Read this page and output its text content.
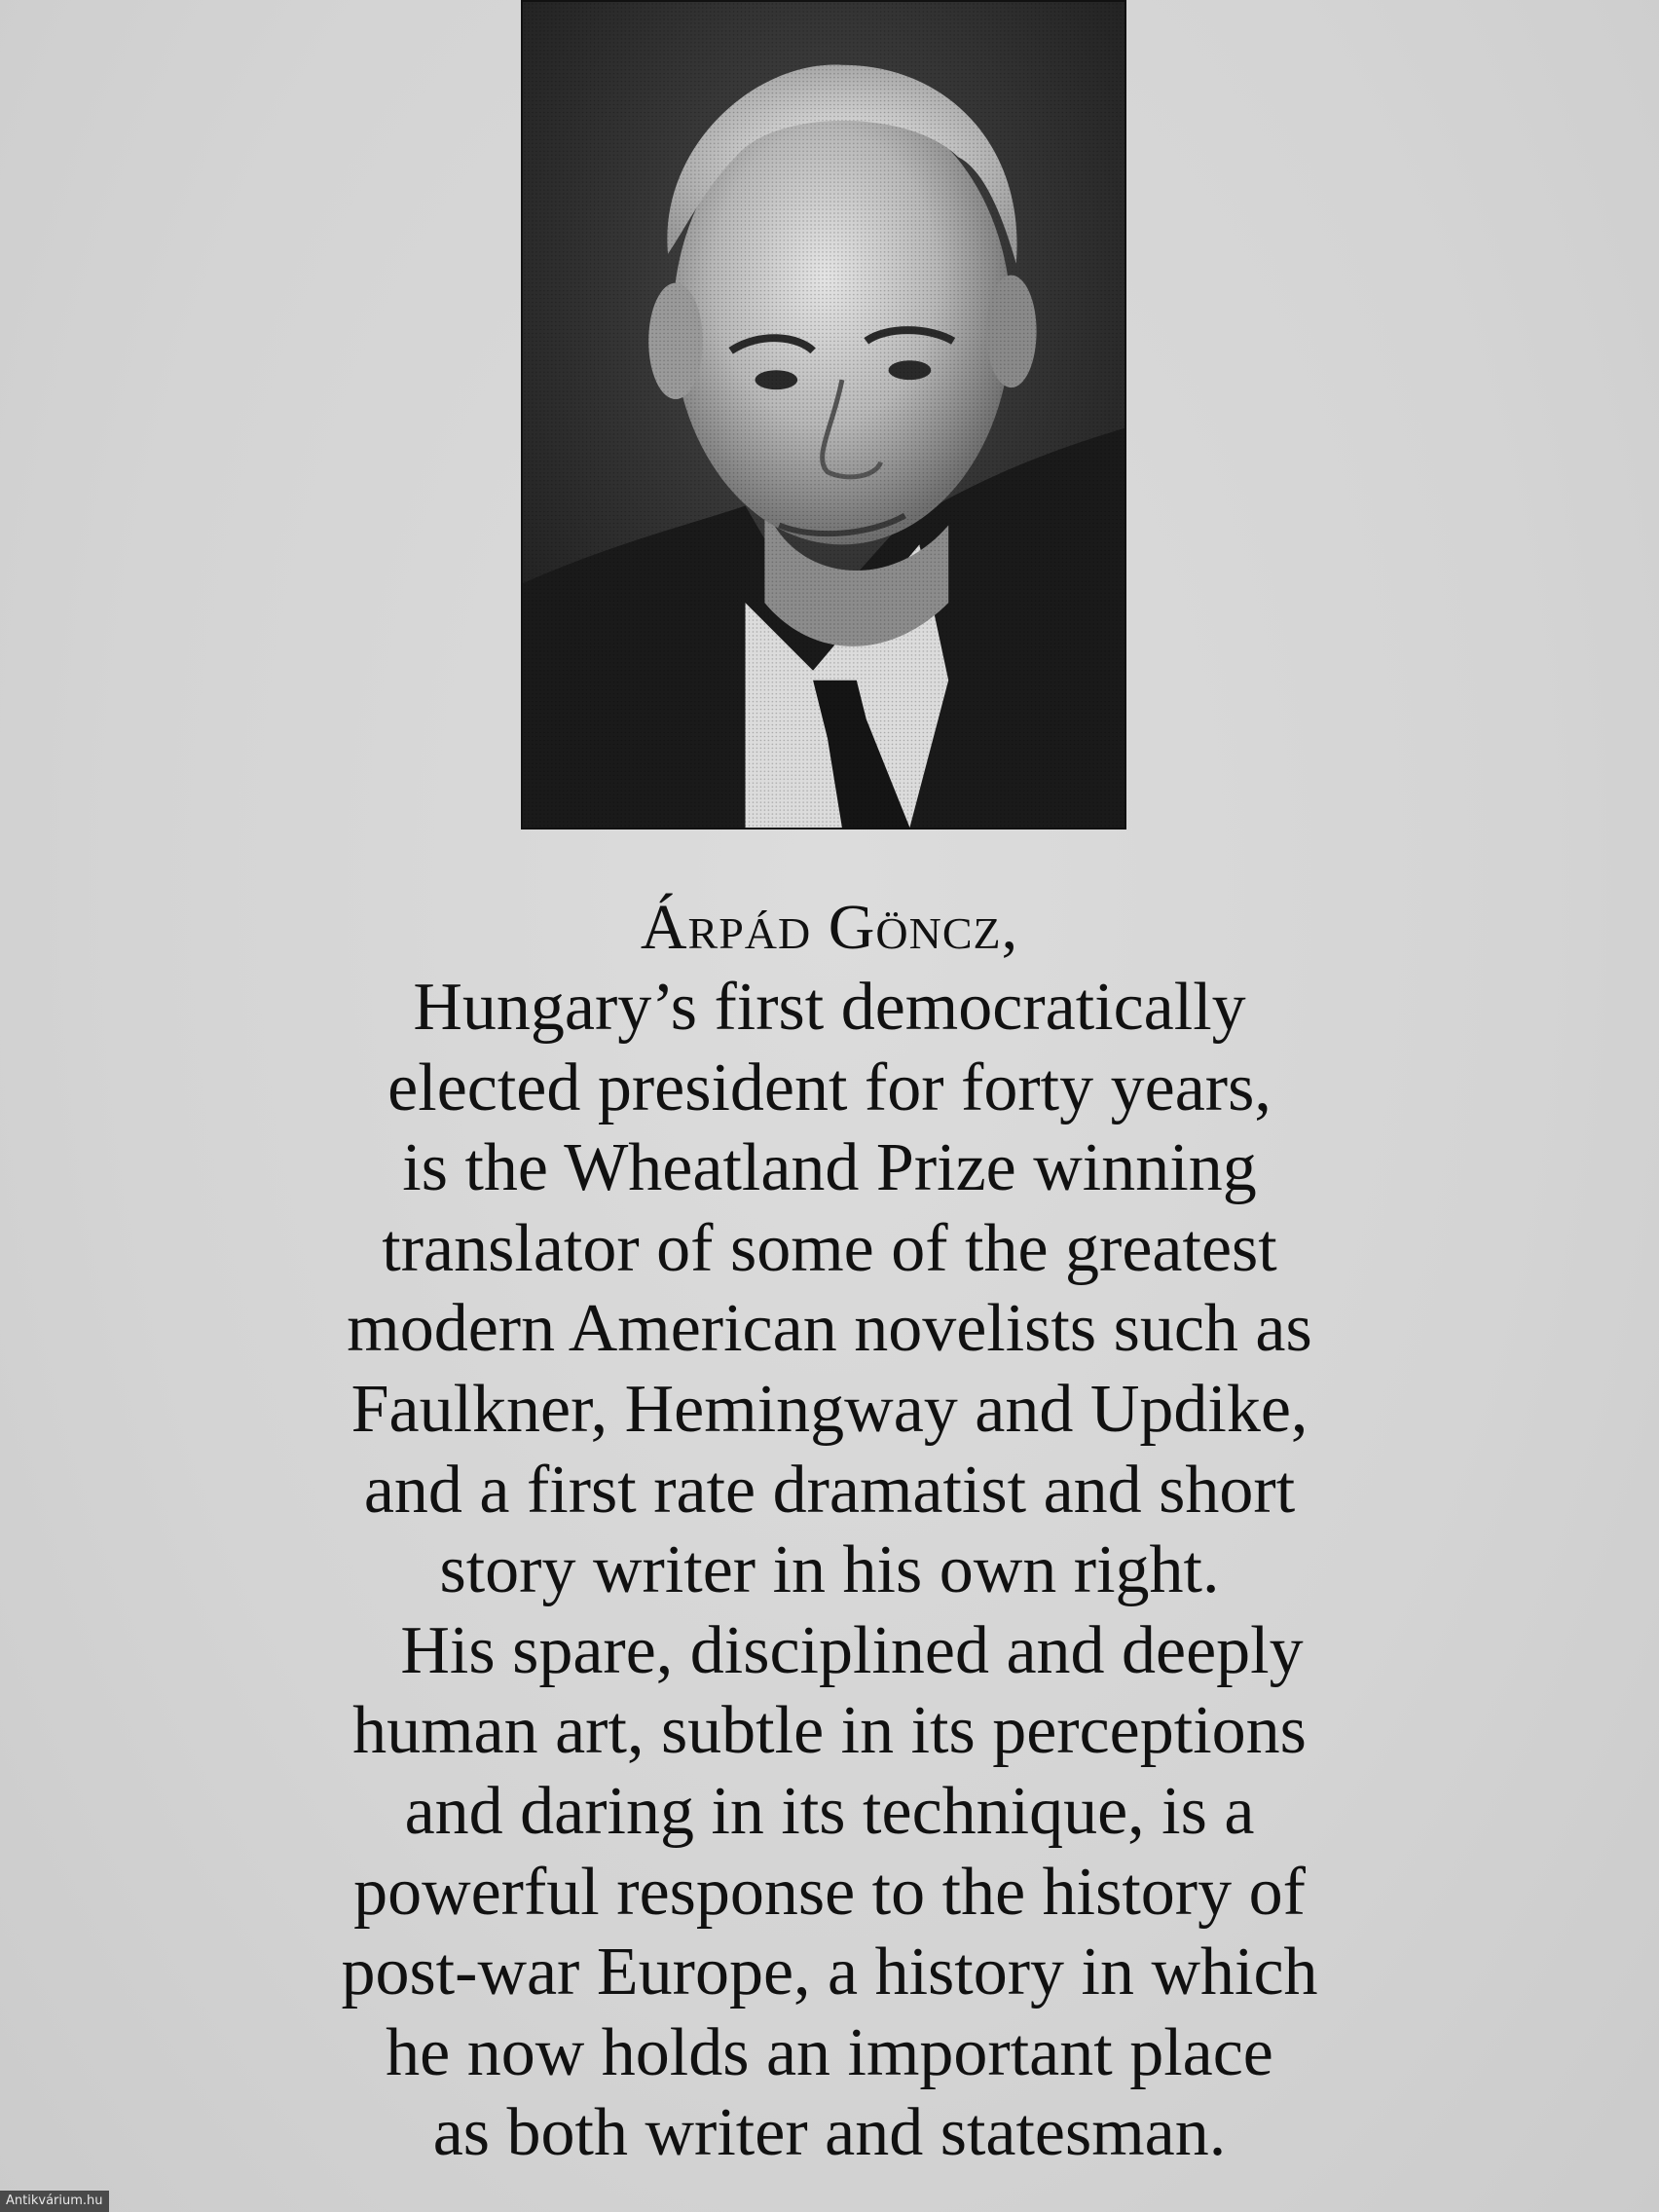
Árpád Göncz,

Hungary’s first democratically

elected president for forty years,

is the Wheatland Prize winning

translator of some of the greatest

modern American novelists such as

Faulkner, Hemingway and Updike,

and a first rate dramatist and short

story writer in his own right.

His spare, disciplined and deeply

human art, subtle in its perceptions

and daring in its technique, is a

powerful response to the history of

post-war Europe, a history in which

he now holds an important place

as both writer and statesman.

Antikvárium.hu
